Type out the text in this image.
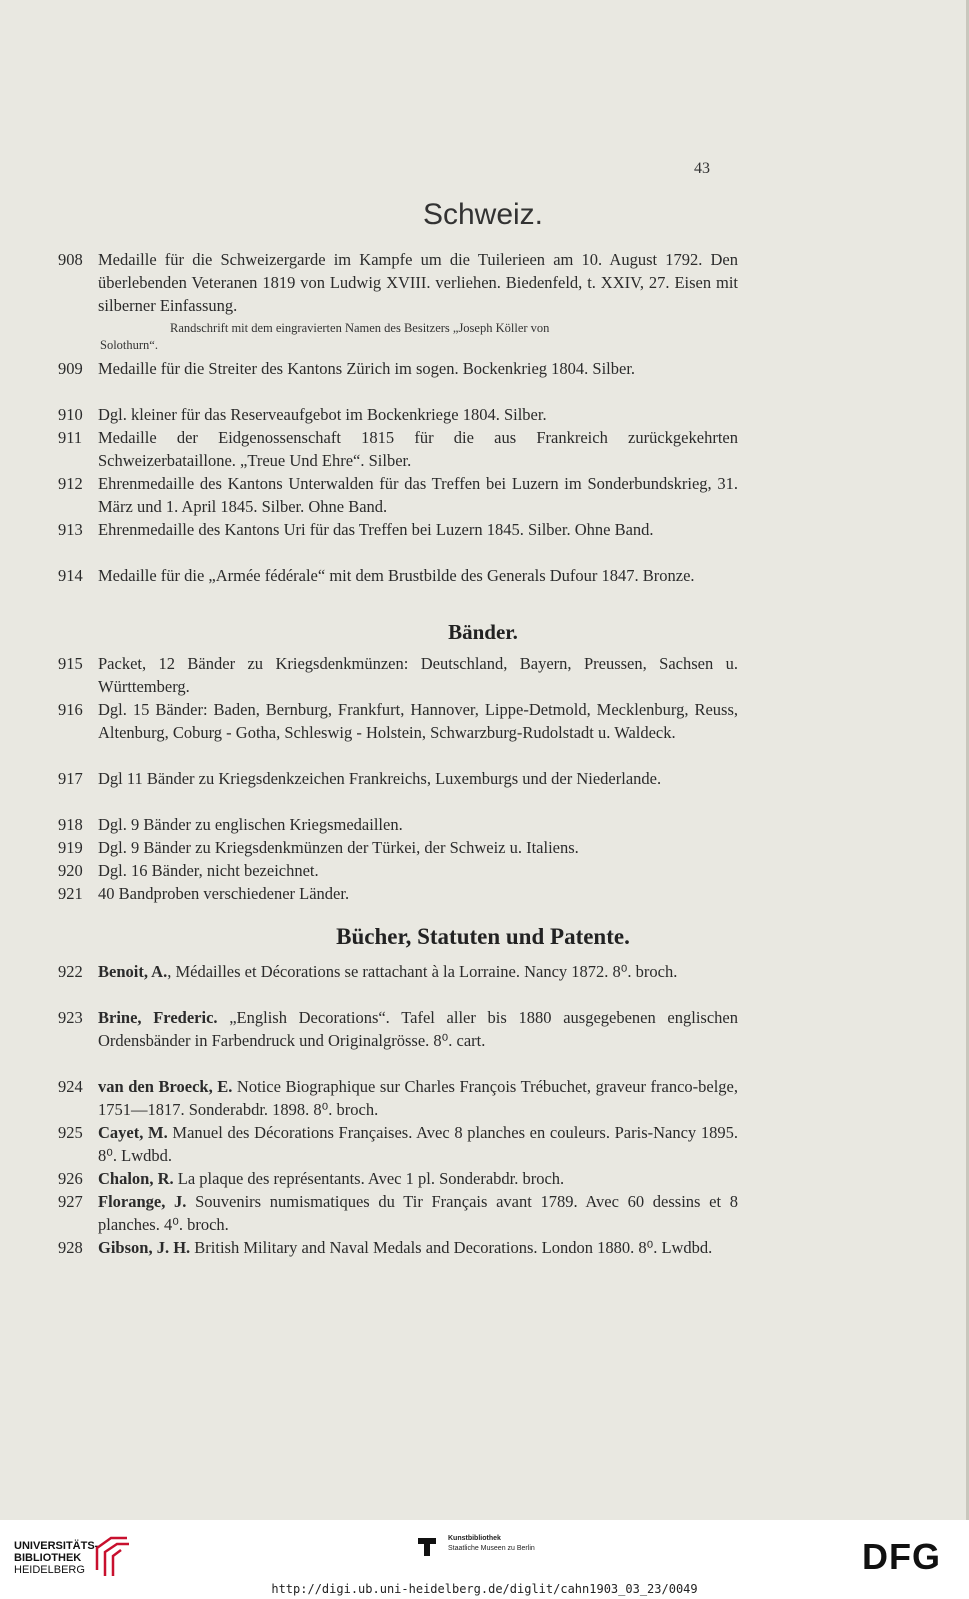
43
Schweiz.
908 Medaille für die Schweizergarde im Kampfe um die Tuilerieen am 10. August 1792. Den überlebenden Veteranen 1819 von Ludwig XVIII. verliehen. Biedenfeld, t. XXIV, 27. Eisen mit silberner Einfassung.
Randschrift mit dem eingravierten Namen des Besitzers „Joseph Köller von
Solothurn“.
909 Medaille für die Streiter des Kantons Zürich im sogen. Bockenkrieg 1804. Silber.
910 Dgl. kleiner für das Reserveaufgebot im Bockenkriege 1804. Silber.
911 Medaille der Eidgenossenschaft 1815 für die aus Frankreich zurückgekehrten Schweizerbataillone. „Treue Und Ehre“. Silber.
912 Ehrenmedaille des Kantons Unterwalden für das Treffen bei Luzern im Sonderbundskrieg, 31. März und 1. April 1845. Silber. Ohne Band.
913 Ehrenmedaille des Kantons Uri für das Treffen bei Luzern 1845. Silber. Ohne Band.
914 Medaille für die „Armée fédérale“ mit dem Brustbilde des Generals Dufour 1847. Bronze.
Bänder.
915 Packet, 12 Bänder zu Kriegsdenkmünzen: Deutschland, Bayern, Preussen, Sachsen u. Württemberg.
916 Dgl. 15 Bänder: Baden, Bernburg, Frankfurt, Hannover, Lippe-Detmold, Mecklenburg, Reuss, Altenburg, Coburg - Gotha, Schleswig - Holstein, Schwarzburg-Rudolstadt u. Waldeck.
917 Dgl 11 Bänder zu Kriegsdenkzeichen Frankreichs, Luxemburgs und der Niederlande.
918 Dgl. 9 Bänder zu englischen Kriegsmedaillen.
919 Dgl. 9 Bänder zu Kriegsdenkmünzen der Türkei, der Schweiz u. Italiens.
920 Dgl. 16 Bänder, nicht bezeichnet.
921 40 Bandproben verschiedener Länder.
Bücher, Statuten und Patente.
922 Benoit, A., Médailles et Décorations se rattachant à la Lorraine. Nancy 1872. 8⁰. broch.
923 Brine, Frederic. „English Decorations“. Tafel aller bis 1880 ausgegebenen englischen Ordensbänder in Farbendruck und Originalgrösse. 8⁰. cart.
924 van den Broeck, E. Notice Biographique sur Charles François Trébuchet, graveur franco-belge, 1751—1817. Sonderabdr. 1898. 8⁰. broch.
925 Cayet, M. Manuel des Décorations Françaises. Avec 8 planches en couleurs. Paris-Nancy 1895. 8⁰. Lwdbd.
926 Chalon, R. La plaque des représentants. Avec 1 pl. Sonderabdr. broch.
927 Florange, J. Souvenirs numismatiques du Tir Français avant 1789. Avec 60 dessins et 8 planches. 4⁰. broch.
928 Gibson, J. H. British Military and Naval Medals and Decorations. London 1880. 8⁰. Lwdbd.
UNIVERSITÄTS-
BIBLIOTHEK
HEIDELBERG
Kunstbibliothek
Staatliche Museen zu Berlin	DFG
http://digi.ub.uni-heidelberg.de/diglit/cahn1903_03_23/0049
